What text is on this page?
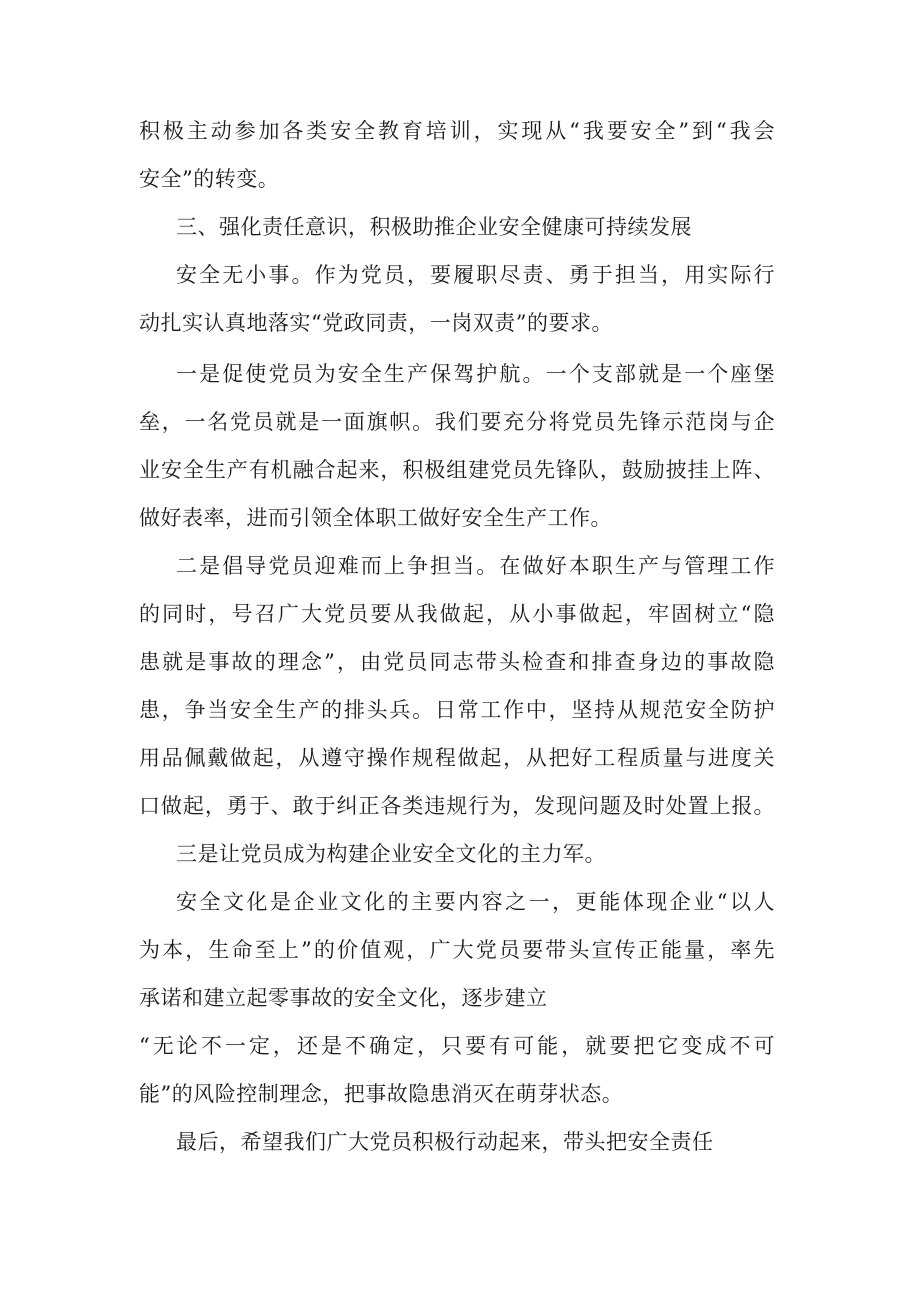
积极主动参加各类安全教育培训，实现从“我要安全”到“我会
安全”的转变。
三、强化责任意识，积极助推企业安全健康可持续发展
安全无小事。作为党员，要履职尽责、勇于担当，用实际行
动扎实认真地落实“党政同责，一岗双责”的要求。
一是促使党员为安全生产保驾护航。一个支部就是一个座堡
垒，一名党员就是一面旗帜。我们要充分将党员先锋示范岗与企
业安全生产有机融合起来，积极组建党员先锋队，鼓励披挂上阵、
做好表率，进而引领全体职工做好安全生产工作。
二是倡导党员迎难而上争担当。在做好本职生产与管理工作
的同时，号召广大党员要从我做起，从小事做起，牢固树立“隐
患就是事故的理念”，由党员同志带头检查和排查身边的事故隐
患，争当安全生产的排头兵。日常工作中，坚持从规范安全防护
用品佩戴做起，从遵守操作规程做起，从把好工程质量与进度关
口做起，勇于、敢于纠正各类违规行为，发现问题及时处置上报。
三是让党员成为构建企业安全文化的主力军。
安全文化是企业文化的主要内容之一，更能体现企业“以人
为本，生命至上”的价值观，广大党员要带头宣传正能量，率先
承诺和建立起零事故的安全文化，逐步建立
“无论不一定，还是不确定，只要有可能，就要把它变成不可
能”的风险控制理念，把事故隐患消灭在萌芽状态。
最后，希望我们广大党员积极行动起来，带头把安全责任
